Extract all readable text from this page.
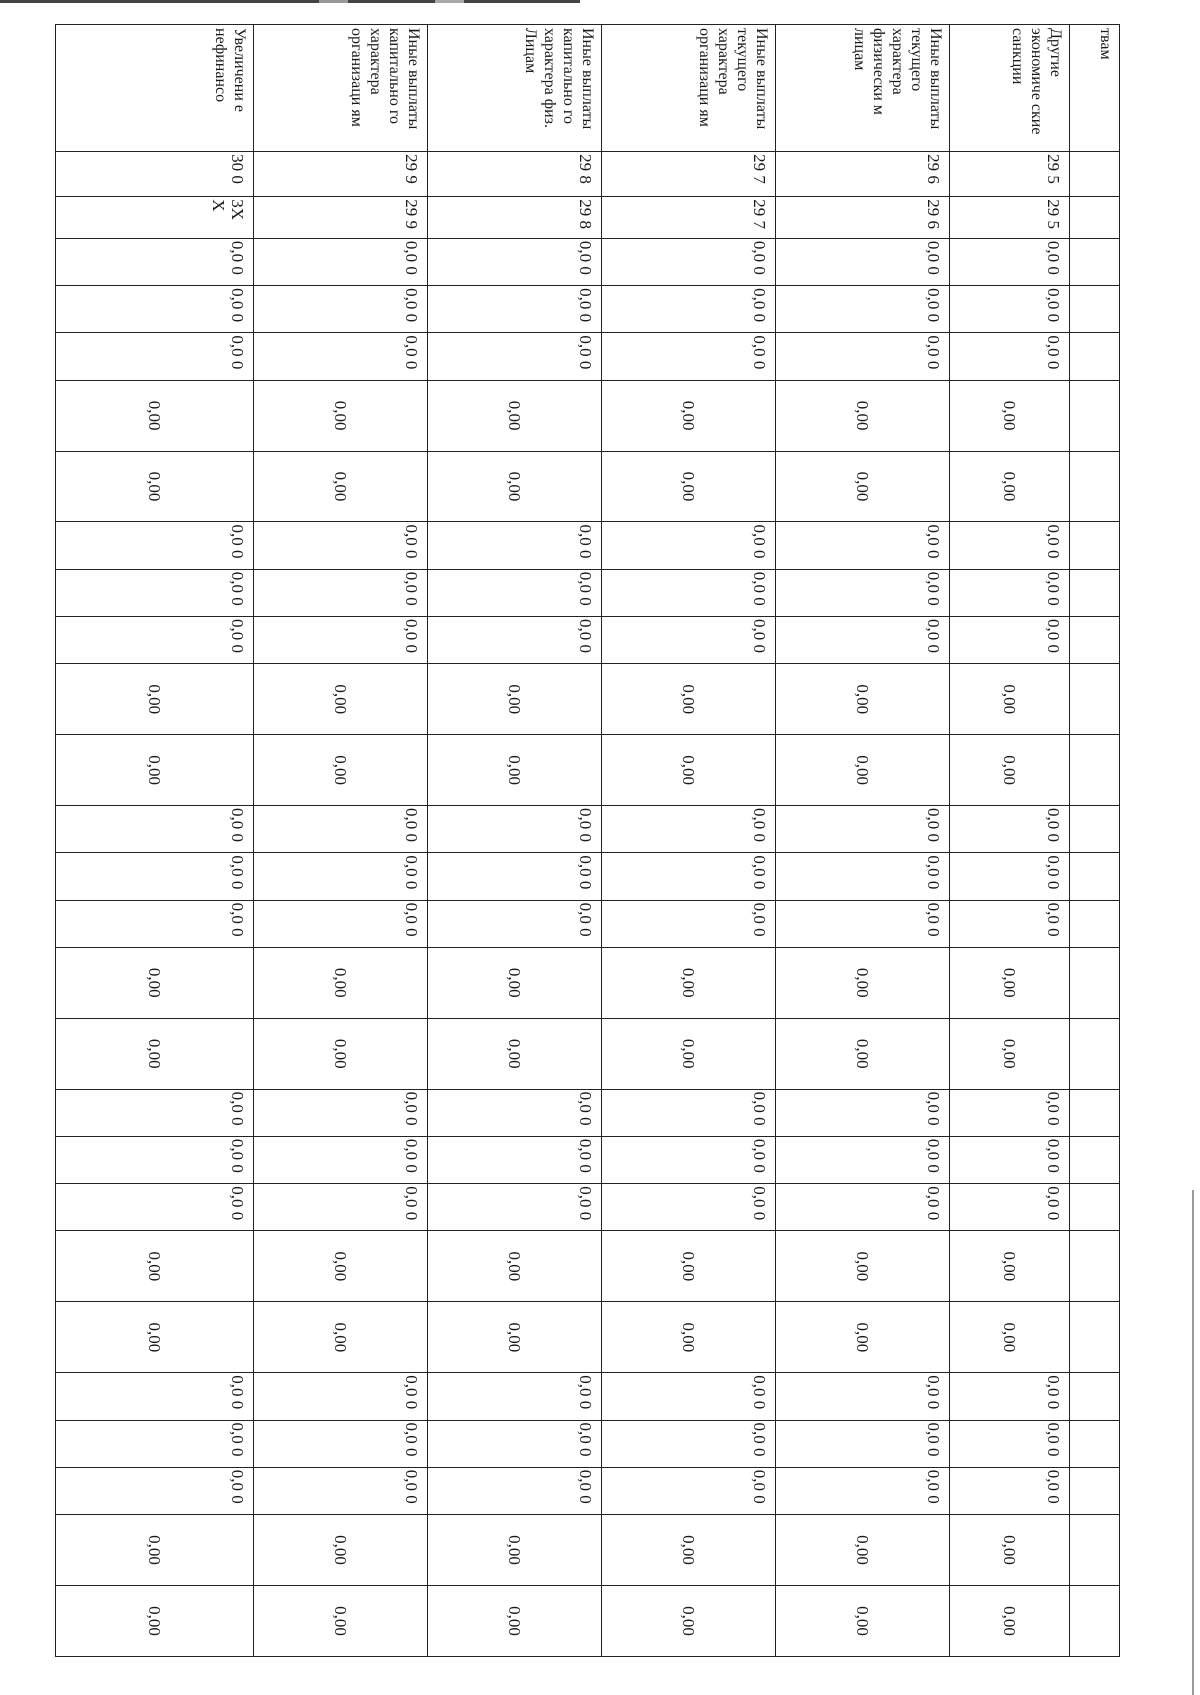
твам																											
Другие экономиче ские санкции	29 5	29 5	0,0 0	0,0 0	0,0 0	0,00	0,00	0,0 0	0,0 0	0,0 0	0,00	0,00	0,0 0	0,0 0	0,0 0	0,00	0,00	0,0 0	0,0 0	0,0 0	0,00	0,00	0,0 0	0,0 0	0,0 0	0,00	0,00
Иные выплаты текущего характера физически м лицам	29 6	29 6	0,0 0	0,0 0	0,0 0	0,00	0,00	0,0 0	0,0 0	0,0 0	0,00	0,00	0,0 0	0,0 0	0,0 0	0,00	0,00	0,0 0	0,0 0	0,0 0	0,00	0,00	0,0 0	0,0 0	0,0 0	0,00	0,00
Иные выплаты текущего характера организаци ям	29 7	29 7	0,0 0	0,0 0	0,0 0	0,00	0,00	0,0 0	0,0 0	0,0 0	0,00	0,00	0,0 0	0,0 0	0,0 0	0,00	0,00	0,0 0	0,0 0	0,0 0	0,00	0,00	0,0 0	0,0 0	0,0 0	0,00	0,00
Иные выплаты капитально го характера физ. Лицам	29 8	29 8	0,0 0	0,0 0	0,0 0	0,00	0,00	0,0 0	0,0 0	0,0 0	0,00	0,00	0,0 0	0,0 0	0,0 0	0,00	0,00	0,0 0	0,0 0	0,0 0	0,00	0,00	0,0 0	0,0 0	0,0 0	0,00	0,00
Иные выплаты капитально го характера организаци ям	29 9	29 9	0,0 0	0,0 0	0,0 0	0,00	0,00	0,0 0	0,0 0	0,0 0	0,00	0,00	0,0 0	0,0 0	0,0 0	0,00	0,00	0,0 0	0,0 0	0,0 0	0,00	0,00	0,0 0	0,0 0	0,0 0	0,00	0,00
Увеличени е нефинансо	30 0	3Х Х	0,0 0	0,0 0	0,0 0	0,00	0,00	0,0 0	0,0 0	0,0 0	0,00	0,00	0,0 0	0,0 0	0,0 0	0,00	0,00	0,0 0	0,0 0	0,0 0	0,00	0,00	0,0 0	0,0 0	0,0 0	0,00	0,00
